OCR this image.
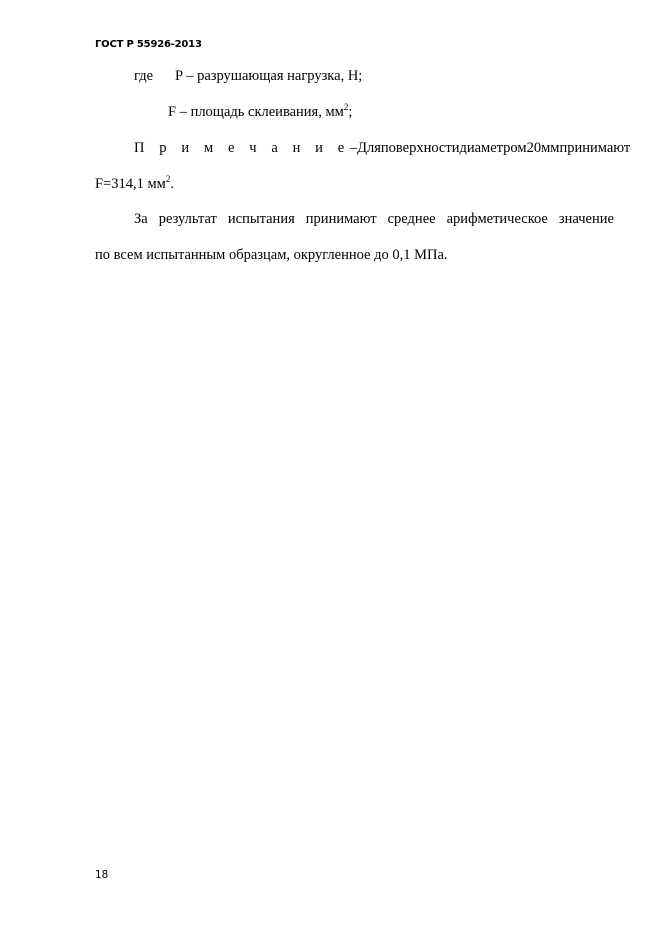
ГОСТ Р 55926-2013
где P – разрушающая нагрузка, Н;
F – площадь склеивания, $мм^2$;
П р и м е ч а н и е – Для поверхности диаметром 20 мм принимают
F=314,1 $мм^2$.
За результат испытания принимают среднее арифметическое значение
по всем испытанным образцам, округленное до 0,1 МПа.
18
